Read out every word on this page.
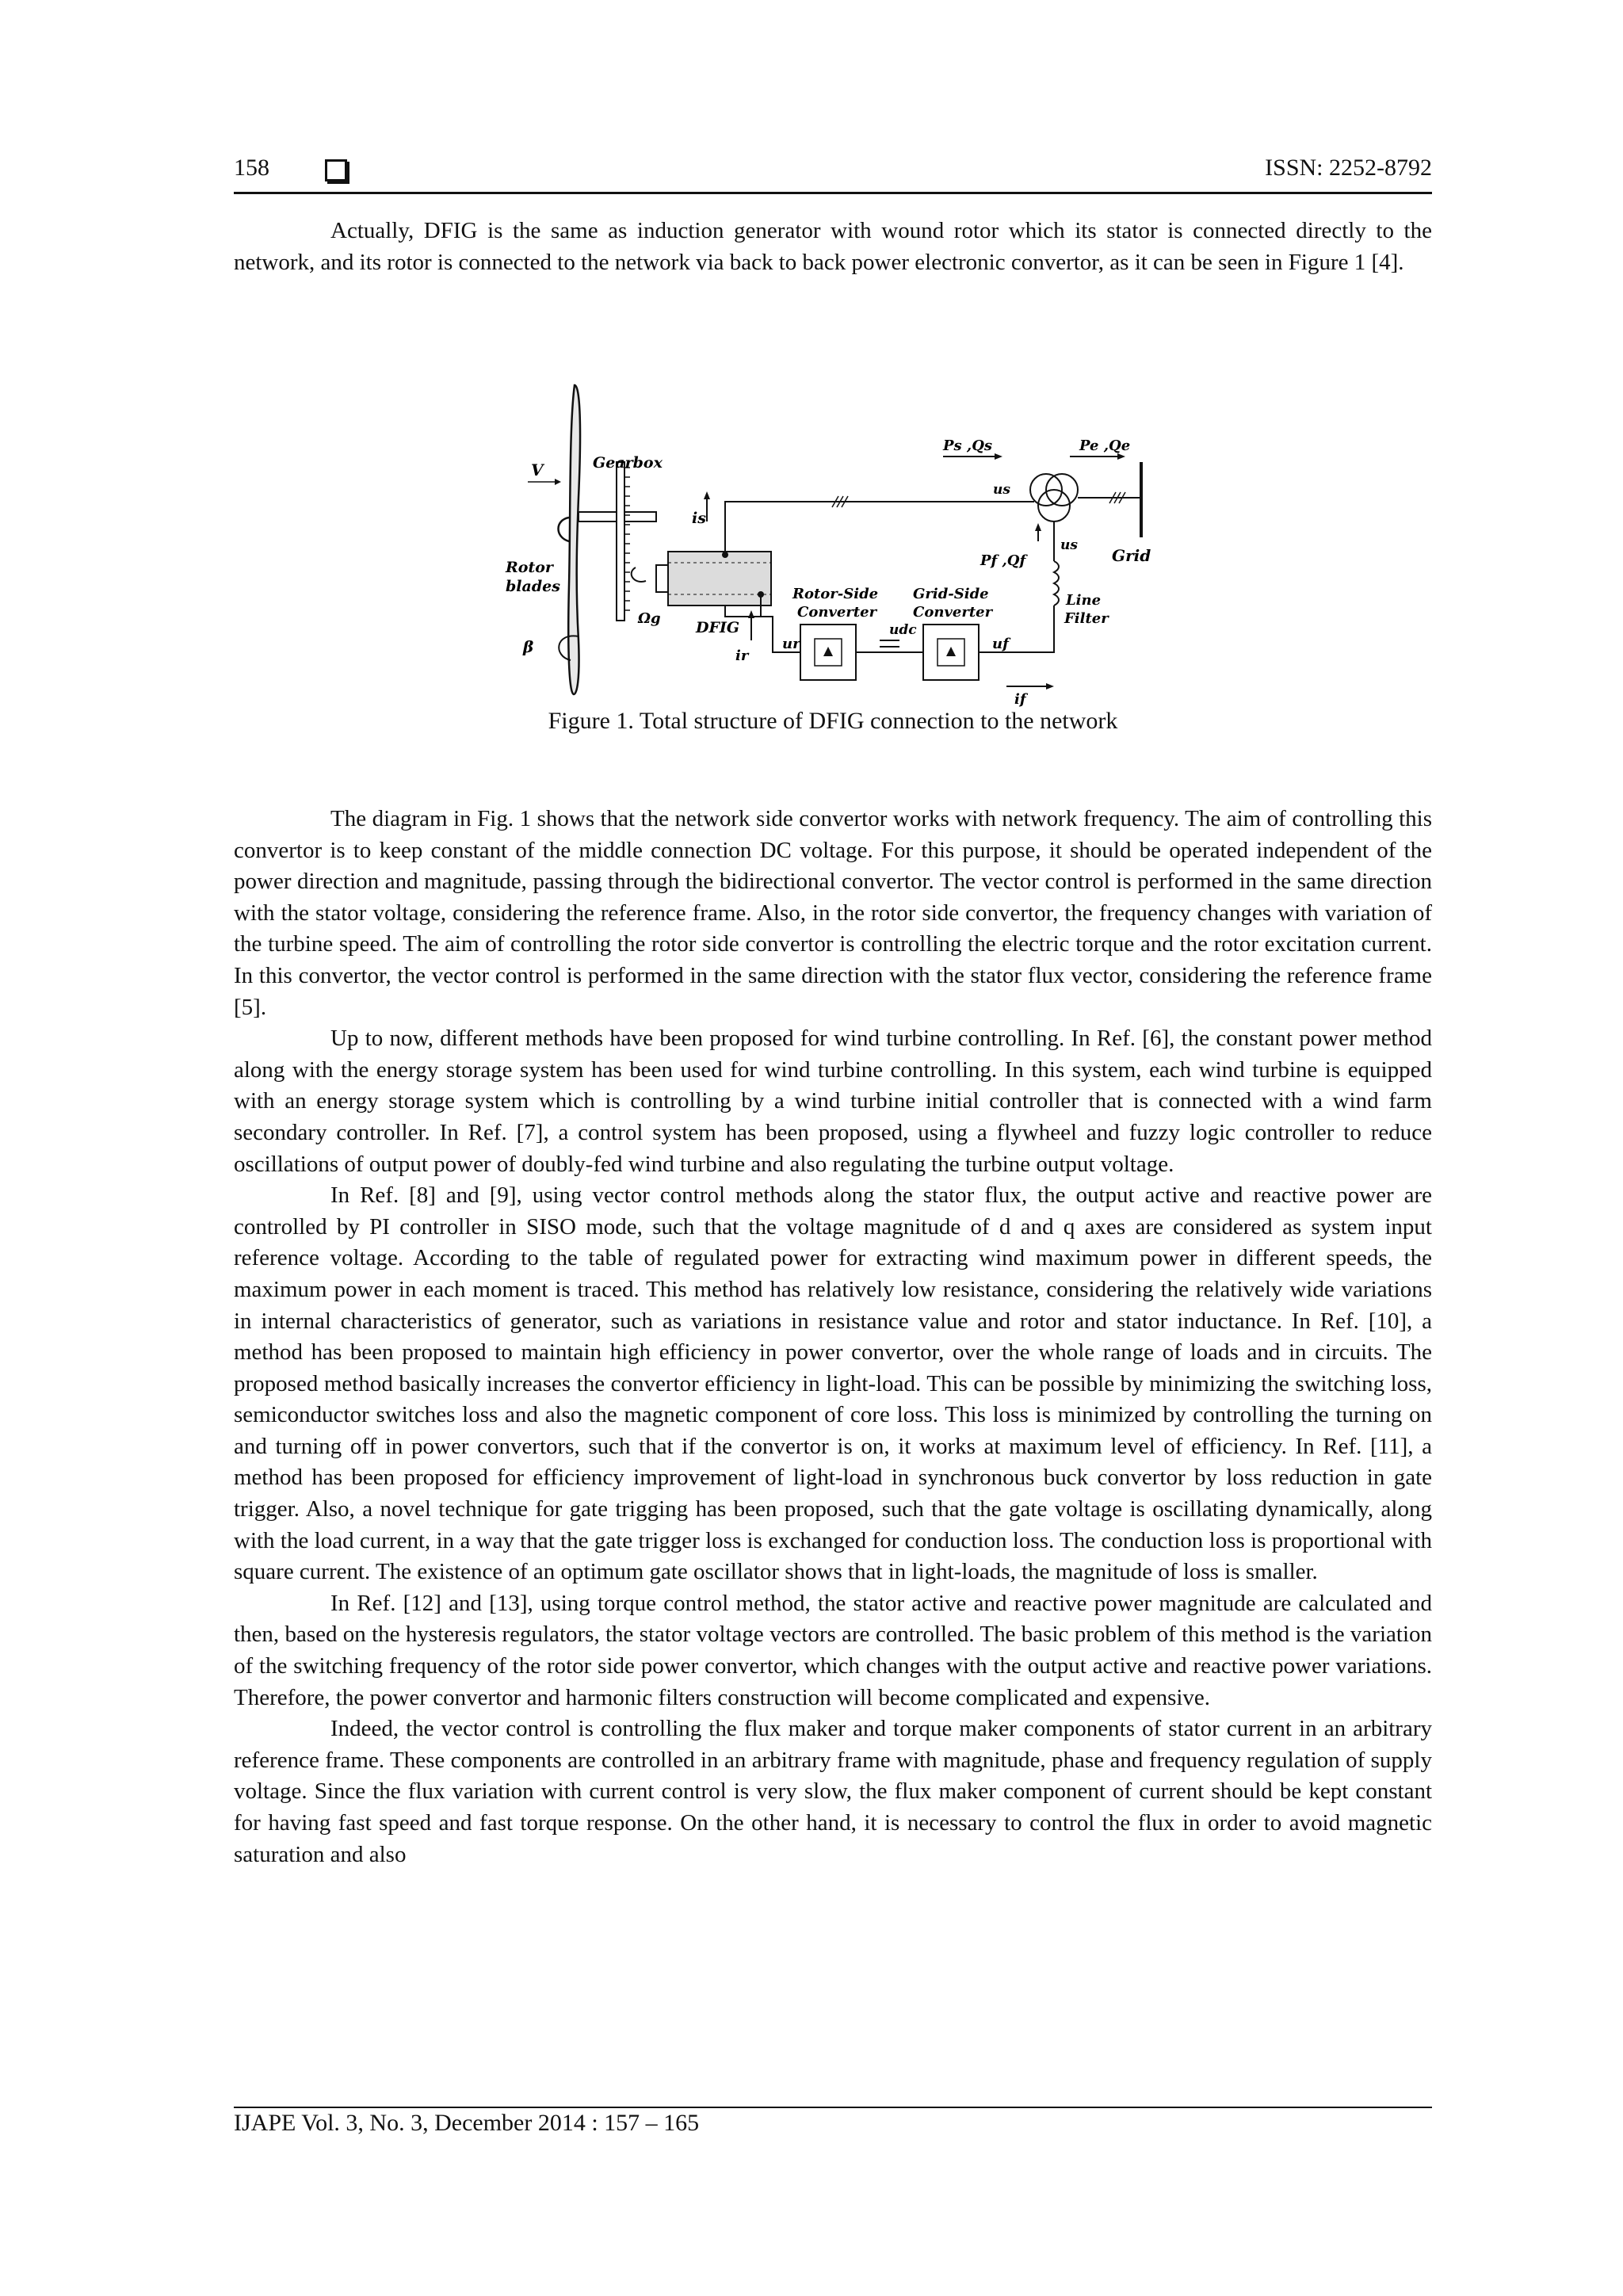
158	ISSN: 2252-8792

Actually, DFIG is the same as induction generator with wound rotor which its stator is connected directly to the network, and its rotor is connected to the network via back to back power electronic convertor, as it can be seen in Figure 1 [4].

V	Gearbox
Rotor
blades
β
Ωg
DFIG
is
ir
ur
udc
uf
if
us
us
Ps ,Qs	Pe ,Qe
Pf ,Qf	Grid
Rotor-Side
Converter
Grid-Side
Converter
Line
Filter
Figure 1. Total structure of DFIG connection to the network

The diagram in Fig. 1 shows that the network side convertor works with network frequency. The aim of controlling this convertor is to keep constant of the middle connection DC voltage. For this purpose, it should be operated independent of the power direction and magnitude, passing through the bidirectional convertor. The vector control is performed in the same direction with the stator voltage, considering the reference frame. Also, in the rotor side convertor, the frequency changes with variation of the turbine speed. The aim of controlling the rotor side convertor is controlling the electric torque and the rotor excitation current. In this convertor, the vector control is performed in the same direction with the stator flux vector, considering the reference frame [5].

Up to now, different methods have been proposed for wind turbine controlling. In Ref. [6], the constant power method along with the energy storage system has been used for wind turbine controlling. In this system, each wind turbine is equipped with an energy storage system which is controlling by a wind turbine initial controller that is connected with a wind farm secondary controller. In Ref. [7], a control system has been proposed, using a flywheel and fuzzy logic controller to reduce oscillations of output power of doubly-fed wind turbine and also regulating the turbine output voltage.

In Ref. [8] and [9], using vector control methods along the stator flux, the output active and reactive power are controlled by PI controller in SISO mode, such that the voltage magnitude of d and q axes are considered as system input reference voltage. According to the table of regulated power for extracting wind maximum power in different speeds, the maximum power in each moment is traced. This method has relatively low resistance, considering the relatively wide variations in internal characteristics of generator, such as variations in resistance value and rotor and stator inductance. In Ref. [10], a method has been proposed to maintain high efficiency in power convertor, over the whole range of loads and in circuits. The proposed method basically increases the convertor efficiency in light-load. This can be possible by minimizing the switching loss, semiconductor switches loss and also the magnetic component of core loss. This loss is minimized by controlling the turning on and turning off in power convertors, such that if the convertor is on, it works at maximum level of efficiency. In Ref. [11], a method has been proposed for efficiency improvement of light-load in synchronous buck convertor by loss reduction in gate trigger. Also, a novel technique for gate trigging has been proposed, such that the gate voltage is oscillating dynamically, along with the load current, in a way that the gate trigger loss is exchanged for conduction loss. The conduction loss is proportional with square current. The existence of an optimum gate oscillator shows that in light-loads, the magnitude of loss is smaller.

In Ref. [12] and [13], using torque control method, the stator active and reactive power magnitude are calculated and then, based on the hysteresis regulators, the stator voltage vectors are controlled. The basic problem of this method is the variation of the switching frequency of the rotor side power convertor, which changes with the output active and reactive power variations. Therefore, the power convertor and harmonic filters construction will become complicated and expensive.

Indeed, the vector control is controlling the flux maker and torque maker components of stator current in an arbitrary reference frame. These components are controlled in an arbitrary frame with magnitude, phase and frequency regulation of supply voltage. Since the flux variation with current control is very slow, the flux maker component of current should be kept constant for having fast speed and fast torque response. On the other hand, it is necessary to control the flux in order to avoid magnetic saturation and also

IJAPE Vol. 3, No. 3, December 2014 : 157 – 165
